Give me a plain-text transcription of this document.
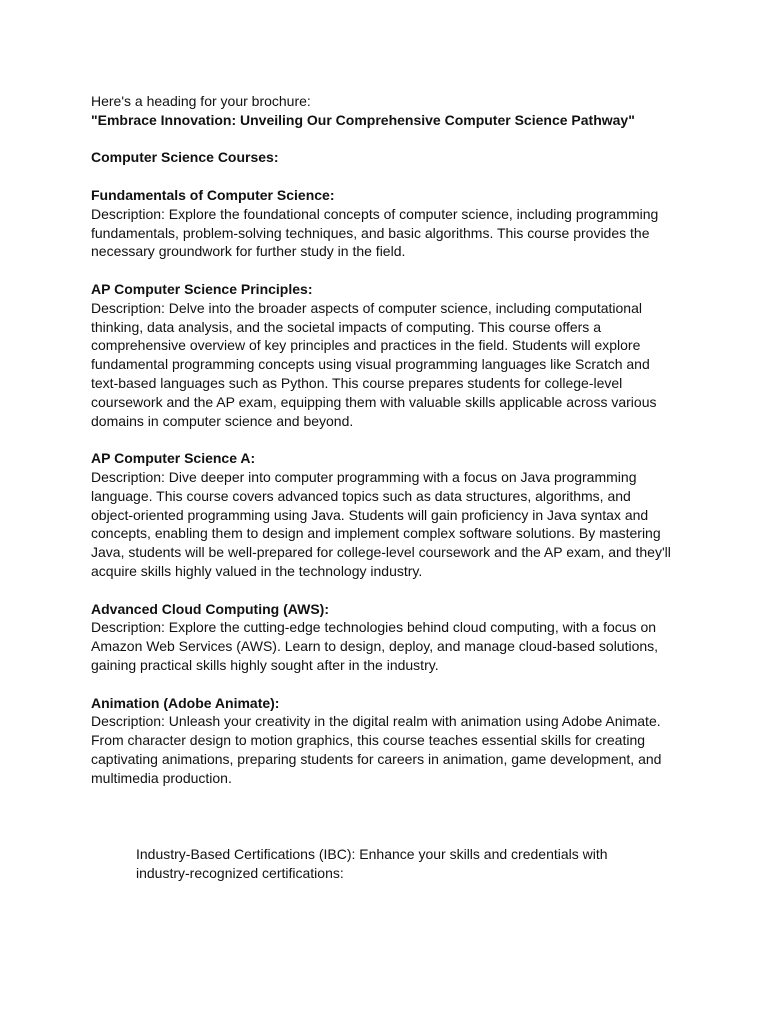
Here's a heading for your brochure:

"Embrace Innovation: Unveiling Our Comprehensive Computer Science Pathway"

Computer Science Courses:

Fundamentals of Computer Science:

Description: Explore the foundational concepts of computer science, including programming fundamentals, problem-solving techniques, and basic algorithms. This course provides the necessary groundwork for further study in the field.

AP Computer Science Principles:

Description: Delve into the broader aspects of computer science, including computational thinking, data analysis, and the societal impacts of computing. This course offers a comprehensive overview of key principles and practices in the field. Students will explore fundamental programming concepts using visual programming languages like Scratch and text-based languages such as Python. This course prepares students for college-level coursework and the AP exam, equipping them with valuable skills applicable across various domains in computer science and beyond.

AP Computer Science A:

Description: Dive deeper into computer programming with a focus on Java programming language. This course covers advanced topics such as data structures, algorithms, and object-oriented programming using Java. Students will gain proficiency in Java syntax and concepts, enabling them to design and implement complex software solutions. By mastering Java, students will be well-prepared for college-level coursework and the AP exam, and they'll acquire skills highly valued in the technology industry.

Advanced Cloud Computing (AWS):

Description: Explore the cutting-edge technologies behind cloud computing, with a focus on Amazon Web Services (AWS). Learn to design, deploy, and manage cloud-based solutions, gaining practical skills highly sought after in the industry.

Animation (Adobe Animate):

Description: Unleash your creativity in the digital realm with animation using Adobe Animate. From character design to motion graphics, this course teaches essential skills for creating captivating animations, preparing students for careers in animation, game development, and multimedia production.

Industry-Based Certifications (IBC): Enhance your skills and credentials with industry-recognized certifications:
